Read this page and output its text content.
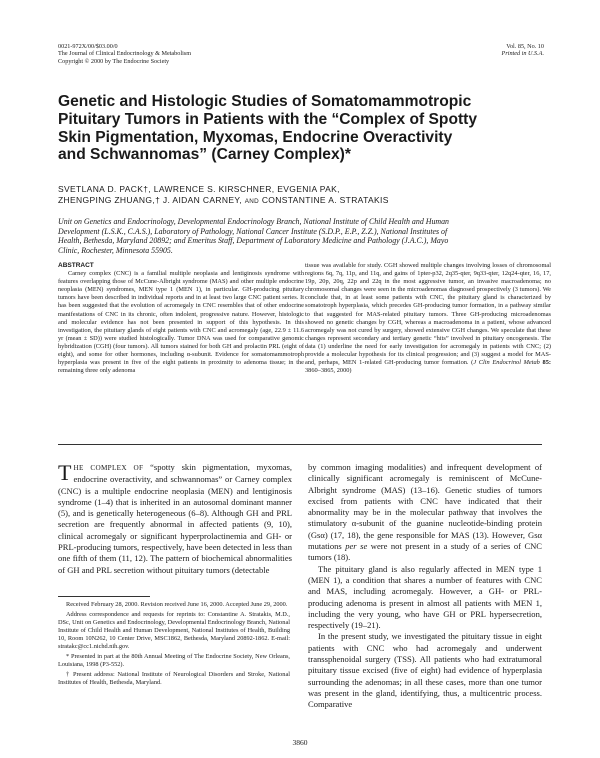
0021-972X/00/$03.00/0
The Journal of Clinical Endocrinology & Metabolism
Copyright © 2000 by The Endocrine Society
Vol. 85, No. 10
Printed in U.S.A.
Genetic and Histologic Studies of Somatomammotropic Pituitary Tumors in Patients with the “Complex of Spotty Skin Pigmentation, Myxomas, Endocrine Overactivity and Schwannomas” (Carney Complex)*
SVETLANA D. PACK†, LAWRENCE S. KIRSCHNER, EVGENIA PAK,
ZHENGPING ZHUANG,† J. AIDAN CARNEY, AND CONSTANTINE A. STRATAKIS
Unit on Genetics and Endocrinology, Developmental Endocrinology Branch, National Institute of Child Health and Human Development (L.S.K., C.A.S.), Laboratory of Pathology, National Cancer Institute (S.D.P., E.P., Z.Z.), National Institutes of Health, Bethesda, Maryland 20892; and Emeritus Staff, Department of Laboratory Medicine and Pathology (J.A.C.), Mayo Clinic, Rochester, Minnesota 55905.
ABSTRACT
Carney complex (CNC) is a familial multiple neoplasia and lentiginosis syndrome with features overlapping those of McCune-Albright syndrome (MAS) and other multiple endocrine neoplasia (MEN) syndromes, MEN type 1 (MEN 1), in particular. GH-producing pituitary tumors have been described in individual reports and in at least two large CNC patient series. It has been suggested that the evolution of acromegaly in CNC resembles that of other endocrine manifestations of CNC in its chronic, often indolent, progressive nature. However, histologic and molecular evidence has not been presented in support of this hypothesis. In this investigation, the pituitary glands of eight patients with CNC and acromegaly (age, 22.9 ± 11.6 yr (mean ± SD)) were studied histologically. Tumor DNA was used for comparative genomic hybridization (CGH) (four tumors). All tumors stained for both GH and prolactin PRL (eight of eight), and some for other hormones, including α-subunit. Evidence for somatomammotroph hyperplasia was present in five of the eight patients in proximity to adenoma tissue; in the remaining three only adenoma
tissue was available for study. CGH showed multiple changes involving losses of chromosomal regions 6q, 7q, 11p, and 11q, and gains of 1pter-p32, 2q35-qter, 9q33-qter, 12q24-qter, 16, 17, 19p, 20p, 20q, 22p and 22q in the most aggressive tumor, an invasive macroadenoma; no chromosomal changes were seen in the microadenomas diagnosed prospectively (3 tumors). We conclude that, in at least some patients with CNC, the pituitary gland is characterized by somatotroph hyperplasia, which precedes GH-producing tumor formation, in a pathway similar to that suggested for MAS-related pituitary tumors. Three GH-producing microadenomas showed no genetic changes by CGH, whereas a macroadenoma in a patient, whose advanced acromegaly was not cured by surgery, showed extensive CGH changes. We speculate that these changes represent secondary and tertiary genetic “hits” involved in pituitary oncogenesis. The data (1) underline the need for early investigation for acromegaly in patients with CNC; (2) provide a molecular hypothesis for its clinical progression; and (3) suggest a model for MAS- and, perhaps, MEN 1-related GH-producing tumor formation. (J Clin Endocrinol Metab 85: 3860–3865, 2000)
THE COMPLEX OF “spotty skin pigmentation, myxomas, endocrine overactivity, and schwannomas” or Carney complex (CNC) is a multiple endocrine neoplasia (MEN) and lentiginosis syndrome (1–4) that is inherited in an autosomal dominant manner (5), and is genetically heterogeneous (6–8). Although GH and PRL secretion are frequently abnormal in affected patients (9, 10), clinical acromegaly or significant hyperprolactinemia and GH- or PRL-producing tumors, respectively, have been detected in less than one fifth of them (11, 12). The pattern of biochemical abnormalities of GH and PRL secretion without pituitary tumors (detectable

by common imaging modalities) and infrequent development of clinically significant acromegaly is reminiscent of McCune-Albright syndrome (MAS) (13–16). Genetic studies of tumors excised from patients with CNC have indicated that their abnormality may be in the molecular pathway that involves the stimulatory α-subunit of the guanine nucleotide-binding protein (Gsα) (17, 18), the gene responsible for MAS (13). However, Gsα mutations per se were not present in a study of a series of CNC tumors (18).

The pituitary gland is also regularly affected in MEN type 1 (MEN 1), a condition that shares a number of features with CNC and MAS, including acromegaly. However, a GH- or PRL-producing adenoma is present in almost all patients with MEN 1, including the very young, who have GH or PRL hypersecretion, respectively (19–21).

In the present study, we investigated the pituitary tissue in eight patients with CNC who had acromegaly and underwent transsphenoidal surgery (TSS). All patients who had extratumoral pituitary tissue excised (five of eight) had evidence of hyperplasia surrounding the adenomas; in all these cases, more than one tumor was present in the gland, identifying, thus, a multicentric process. Comparative

Received February 28, 2000. Revision received June 16, 2000. Accepted June 29, 2000.

Address correspondence and requests for reprints to: Constantine A. Stratakis, M.D., DSc, Unit on Genetics and Endocrinology, Developmental Endocrinology Branch, National Institute of Child Health and Human Development, National Institutes of Health, Building 10, Room 10N262, 10 Center Drive, MSC1862, Bethesda, Maryland 20892-1862. E-mail: stratakc@cc1.nichd.nih.gov.

* Presented in part at the 80th Annual Meeting of The Endocrine Society, New Orleans, Louisiana, 1998 (P3-552).

† Present address: National Institute of Neurological Disorders and Stroke, National Institutes of Health, Bethesda, Maryland.

3860
